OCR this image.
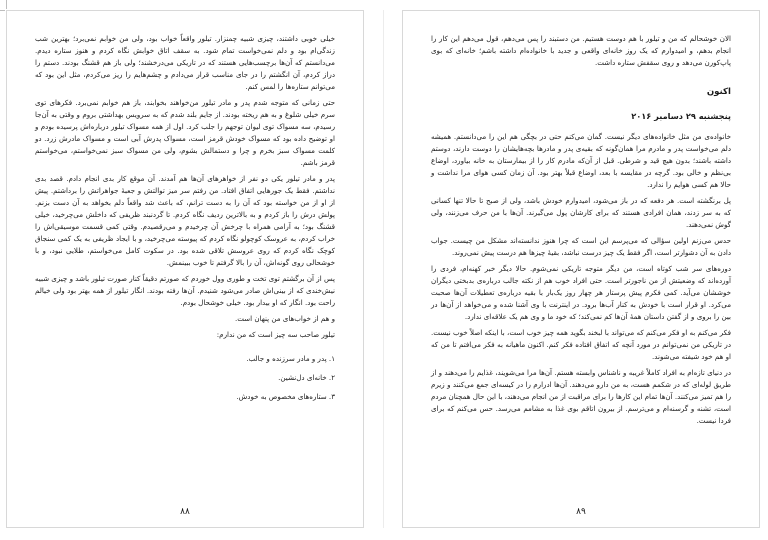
خیلی خوبی داشتند، چیزی شبیه چمنزار. تیلور واقعاً خواب بود، ولی من خوابم نمی‌برد؛ بهترین شب زندگی‌ام بود و دلم نمی‌خواست تمام شود. به سقف اتاق خوابش نگاه کردم و هنوز ستاره دیدم. می‌دانستم که آن‌ها برچسب‌هایی هستند که در تاریکی می‌درخشند؛ ولی باز هم قشنگ بودند. دستم را دراز کردم، آن انگشتم را در جای مناسب قرار می‌دادم و چشم‌هایم را ریز می‌کردم، مثل این بود که می‌توانم ستاره‌ها را لمس کنم.

حتی زمانی که متوجه شدم پدر و مادر تیلور من‌خواهند بخوابند، باز هم خوابم نمی‌برد. فکرهای توی سرم خیلی شلوغ و به هم ریخته بودند. از جایم بلند شدم که به سرویس بهداشتی بروم و وقتی به آن‌جا رسیدم، سه مسواک توی لیوان توجهم را جلب کرد. اول از همه مسواک تیلور درباره‌اش پرسیده بودم و او توضیح داده بود که مسواک خودش قرمز است، مسواک پدرش آبی است و مسواک مادرش زرد. دو کلمت مسواک سبز بخرم و چرا و دستمالش بشوم، ولی من مسواک سبز نمی‌خواستم، می‌خواستم قرمز باشم.

پدر و مادر تیلور یکی دو نفر از خواهرهای آن‌ها هم آمدند. آن موقع کار بدی انجام دادم. قصد بدی نداشتم. فقط یک جورهایی اتفاق افتاد. من رفتم سر میز توالتش و جعبهٔ جواهراتش را برداشتم. پیش از او از من خواسته بود که آن را به دست ترانم، که باعث شد واقعاً دلم بخواهد به آن دست بزنم. پولش درش را باز کردم و به بالاترین ردیف نگاه کردم. تا گردنبند ظریفی که داخلش می‌چرخید، خیلی قشنگ بود؛ به آرامی همراه با چرخش آن چرخیدم و می‌رقصیدم. وقتی کمی قسمت موسیقی‌اش را خراب کردم، به عروسک کوچولو نگاه کردم که پیوسته می‌چرخید، و با ایجاد ظریفی به یک کمی سنجاق کوچک نگاه کردم که روی عروسش تلاقی شده بود. در سکوت کامل می‌خواستم، طلایی نبود، و با خوشحالی روی گونه‌اش، آن را بالا گرفتم تا خوب ببینمش.

پس از آن برگشتم توی تخت و طوری وول خوردم که صورتم دقیقاً کنار صورت تیلور باشد و چیزی شبیه نیش‌خندی که از بینی‌اش صادر می‌شود شنیدم. آن‌ها رفته بودند. انگار تیلور از همه بهتر بود ولی خیالم راحت بود. انگار که او بیدار بود. خیلی خوشحال بودم.

و هم از خواب‌های من پنهان است.

تیلور صاحب سه چیز است که من ندارم:

۱. پدر و مادر سرزنده و جالب.
۲. خانه‌ای دل‌نشین.
۳. ستاره‌های مخصوص به خودش.
۸۸

الان خوشحالم که من و تیلور با هم دوست هستیم. من دستبند را پس می‌دهم، قول می‌دهم این کار را انجام بدهم، و امیدوارم که یک روز خانه‌ای واقعی و جدید با خانواده‌ام داشته باشم؛ خانه‌ای که بوی پاپ‌کورن می‌دهد و روی سقفش ستاره داشت.

اکنون
پنجشنبه ۲۹ دسامبر ۲۰۱۶

خانواده‌ی من مثل خانواده‌های دیگر نیست. گمان می‌کنم حتی در بچگی هم این را می‌دانستم. همیشه دلم می‌خواست پدر و مادرم مرا همان‌گونه که بقیه‌ی پدر و مادرها بچه‌هایشان را دوست دارند، دوستم داشته باشند؛ بدون هیچ قید و شرطی. قبل از آن‌که مادرم کار را از بیمارستان به خانه بیاورد، اوضاع بی‌نظم و خالی بود. گرچه در مقایسه با بعد، اوضاع قبلاً بهتر بود. آن زمان کسی هوای مرا نداشت و حالا هم کسی هوایم را ندارد.

پل برنگشته است. هر دفعه که در باز می‌شود، امیدوارم خودش باشد، ولی از صبح تا حالا تنها کسانی که به سر زدند، همان افرادی هستند که برای کارشان پول می‌گیرند. آن‌ها با من حرف می‌زنند، ولی گوش نمی‌دهند.

حدس می‌زنم اولین سؤالی که می‌پرسم این است که چرا هنوز ندانسته‌اند مشکل من چیست. جواب دادن به آن دشوارتر است، اگر فقط یک چیز درست نباشد، بقیهٔ چیزها هم درست پیش نمی‌روند.

دوره‌های سر شب کوتاه است، من دیگر متوجه تاریکی نمی‌شوم. حالا دیگر خبر کهنه‌ام، فردی را آورده‌اند که وضعیتش از من ناجورتر است. حتی افراد خوب هم از نکته جالب درباره‌ی بدبختی دیگران خوششان می‌آید. کمی فکرم پیش پرستار هر چهار روز یک‌بار با بقیه درباره‌ی تعطیلات آن‌ها صحبت می‌کرد. او قرار است با خودش به کنار آب‌ها برود. در اینترنت با وی آشنا شده و می‌خواهد از آن‌ها در بین را بروی و از گفتن داستان همهٔ آن‌ها کم نمی‌کند؛ که خود ما و وی هم یک علاقه‌ای ندارد.

فکر می‌کنم به او فکر می‌کنم که می‌تواند با لبخند بگوید همه چیز خوب است، با اینکه اصلاً خوب نیست. در تاریکی من نمی‌توانم در مورد آنچه که اتفاق افتاده فکر کنم. اکنون ماهیانه به فکر می‌افتم تا من که او هم خود شیفته می‌شوند.

در دنیای تازه‌ام به افراد کاملاً غریبه و ناشناس وابسته هستم. آن‌ها مرا می‌شویند، غذایم را می‌دهند و از طریق لوله‌ای که در شکمم هست، به من دارو می‌دهند. آن‌ها ادرارم را در کیسه‌ای جمع می‌کنند و زیرم را هم تمیز می‌کنند. آن‌ها تمام این کارها را برای مراقبت از من انجام می‌دهند، با این حال همچنان مردم است، تشنه و گرسنه‌ام و می‌ترسم. از بیرون اتاقم بوی غذا به مشامم می‌رسد. حس می‌کنم که برای فردا نیست.

۸۹
